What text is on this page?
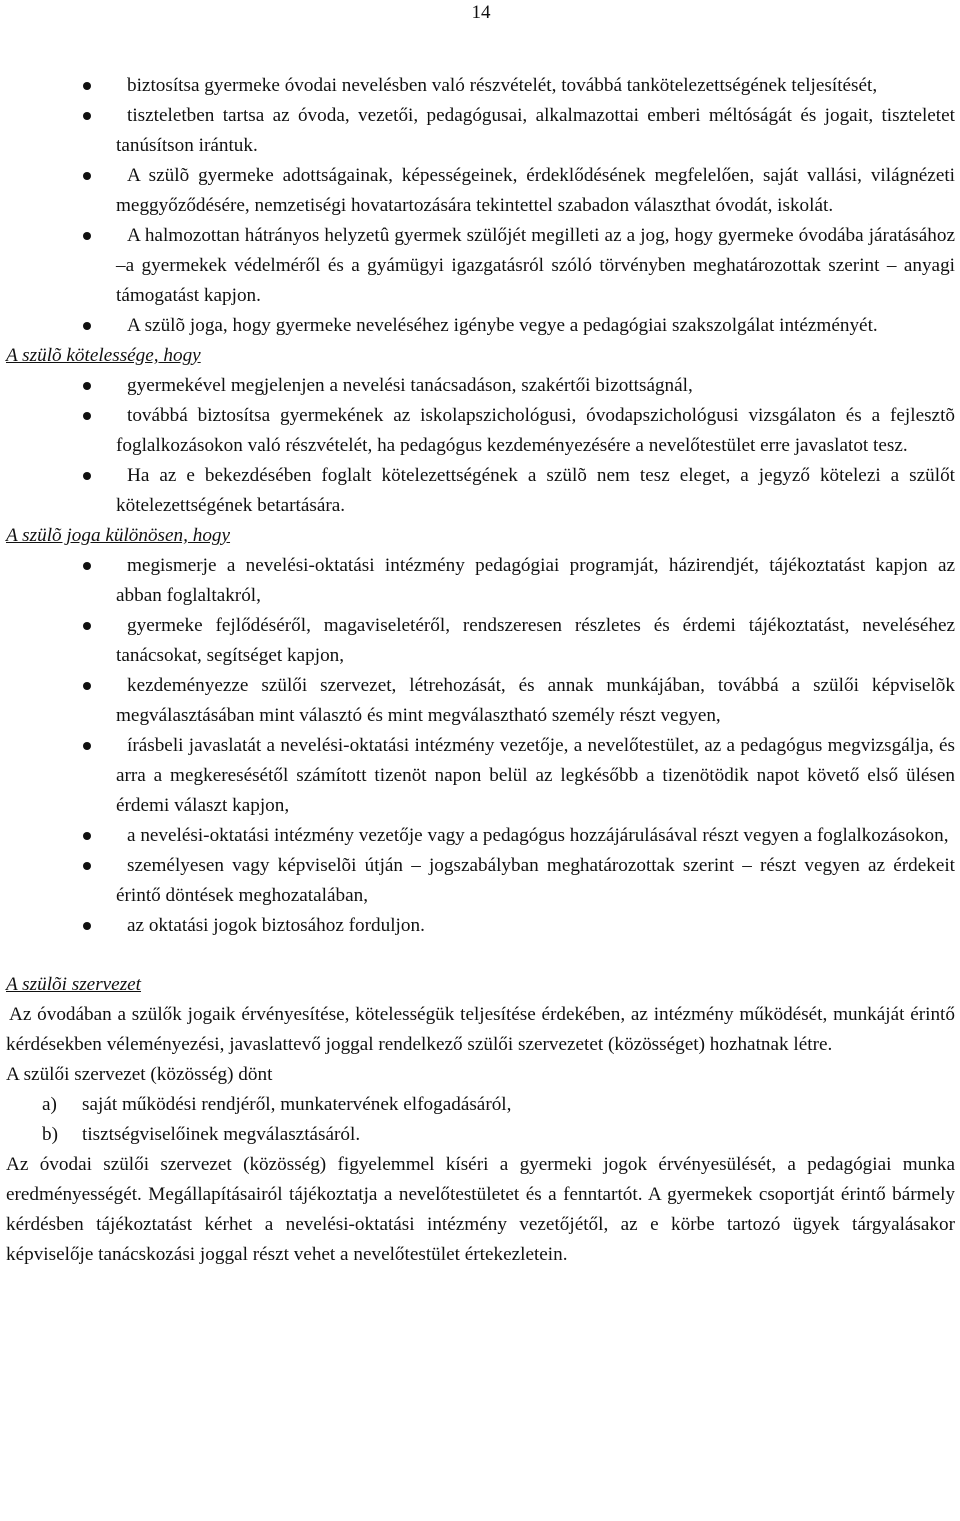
14
biztosítsa gyermeke óvodai nevelésben való részvételét, továbbá tankötelezettségének teljesítését,
tiszteletben tartsa az óvoda, vezetői, pedagógusai, alkalmazottai emberi méltóságát és jogait, tiszteletet tanúsítson irántuk.
A szülõ gyermeke adottságainak, képességeinek, érdeklődésének megfelelően, saját vallási, világnézeti meggyőződésére, nemzetiségi hovatartozására tekintettel szabadon választhat óvodát, iskolát.
A halmozottan hátrányos helyzetû gyermek szülőjét megilleti az a jog, hogy gyermeke óvodába járatásához –a gyermekek védelméről és a gyámügyi igazgatásról szóló törvényben meghatározottak szerint – anyagi támogatást kapjon.
A szülõ joga, hogy gyermeke neveléséhez igénybe vegye a pedagógiai szakszolgálat intézményét.

A szülõ kötelessége, hogy

gyermekével megjelenjen a nevelési tanácsadáson, szakértői bizottságnál,
továbbá biztosítsa gyermekének az iskolapszichológusi, óvodapszichológusi vizsgálaton és a fejlesztõ foglalkozásokon való részvételét, ha pedagógus kezdeményezésére a nevelőtestület erre javaslatot tesz.
Ha az e bekezdésében foglalt kötelezettségének a szülõ nem tesz eleget, a jegyző kötelezi a szülőt kötelezettségének betartására.

A szülõ joga különösen, hogy

megismerje a nevelési-oktatási intézmény pedagógiai programját, házirendjét, tájékoztatást kapjon az abban foglaltakról,
gyermeke fejlődéséről, magaviseletéről, rendszeresen részletes és érdemi tájékoztatást, neveléséhez tanácsokat, segítséget kapjon,
kezdeményezze szülői szervezet, létrehozását, és annak munkájában, továbbá a szülői képviselõk megválasztásában mint választó és mint megválasztható személy részt vegyen,
írásbeli javaslatát a nevelési-oktatási intézmény vezetője, a nevelőtestület, az a pedagógus megvizsgálja, és arra a megkeresésétől számított tizenöt napon belül az legkésőbb a tizenötödik napot követő első ülésen érdemi választ kapjon,
a nevelési-oktatási intézmény vezetője vagy a pedagógus hozzájárulásával részt vegyen a foglalkozásokon,
személyesen vagy képviselõi útján – jogszabályban meghatározottak szerint – részt vegyen az érdekeit érintő döntések meghozatalában,
az oktatási jogok biztosához forduljon.

A szülõi szervezet

Az óvodában a szülők jogaik érvényesítése, kötelességük teljesítése érdekében, az intézmény működését, munkáját érintő kérdésekben véleményezési, javaslattevő joggal rendelkező szülői szervezetet (közösséget) hozhatnak létre.

A szülői szervezet (közösség) dönt

a) saját működési rendjéről, munkatervének elfogadásáról,
b) tisztségviselőinek megválasztásáról.

Az óvodai szülői szervezet (közösség) figyelemmel kíséri a gyermeki jogok érvényesülését, a pedagógiai munka eredményességét. Megállapításairól tájékoztatja a nevelőtestületet és a fenntartót. A gyermekek csoportját érintő bármely kérdésben tájékoztatást kérhet a nevelési-oktatási intézmény vezetőjétől, az e körbe tartozó ügyek tárgyalásakor képviselője tanácskozási joggal részt vehet a nevelőtestület értekezletein.
